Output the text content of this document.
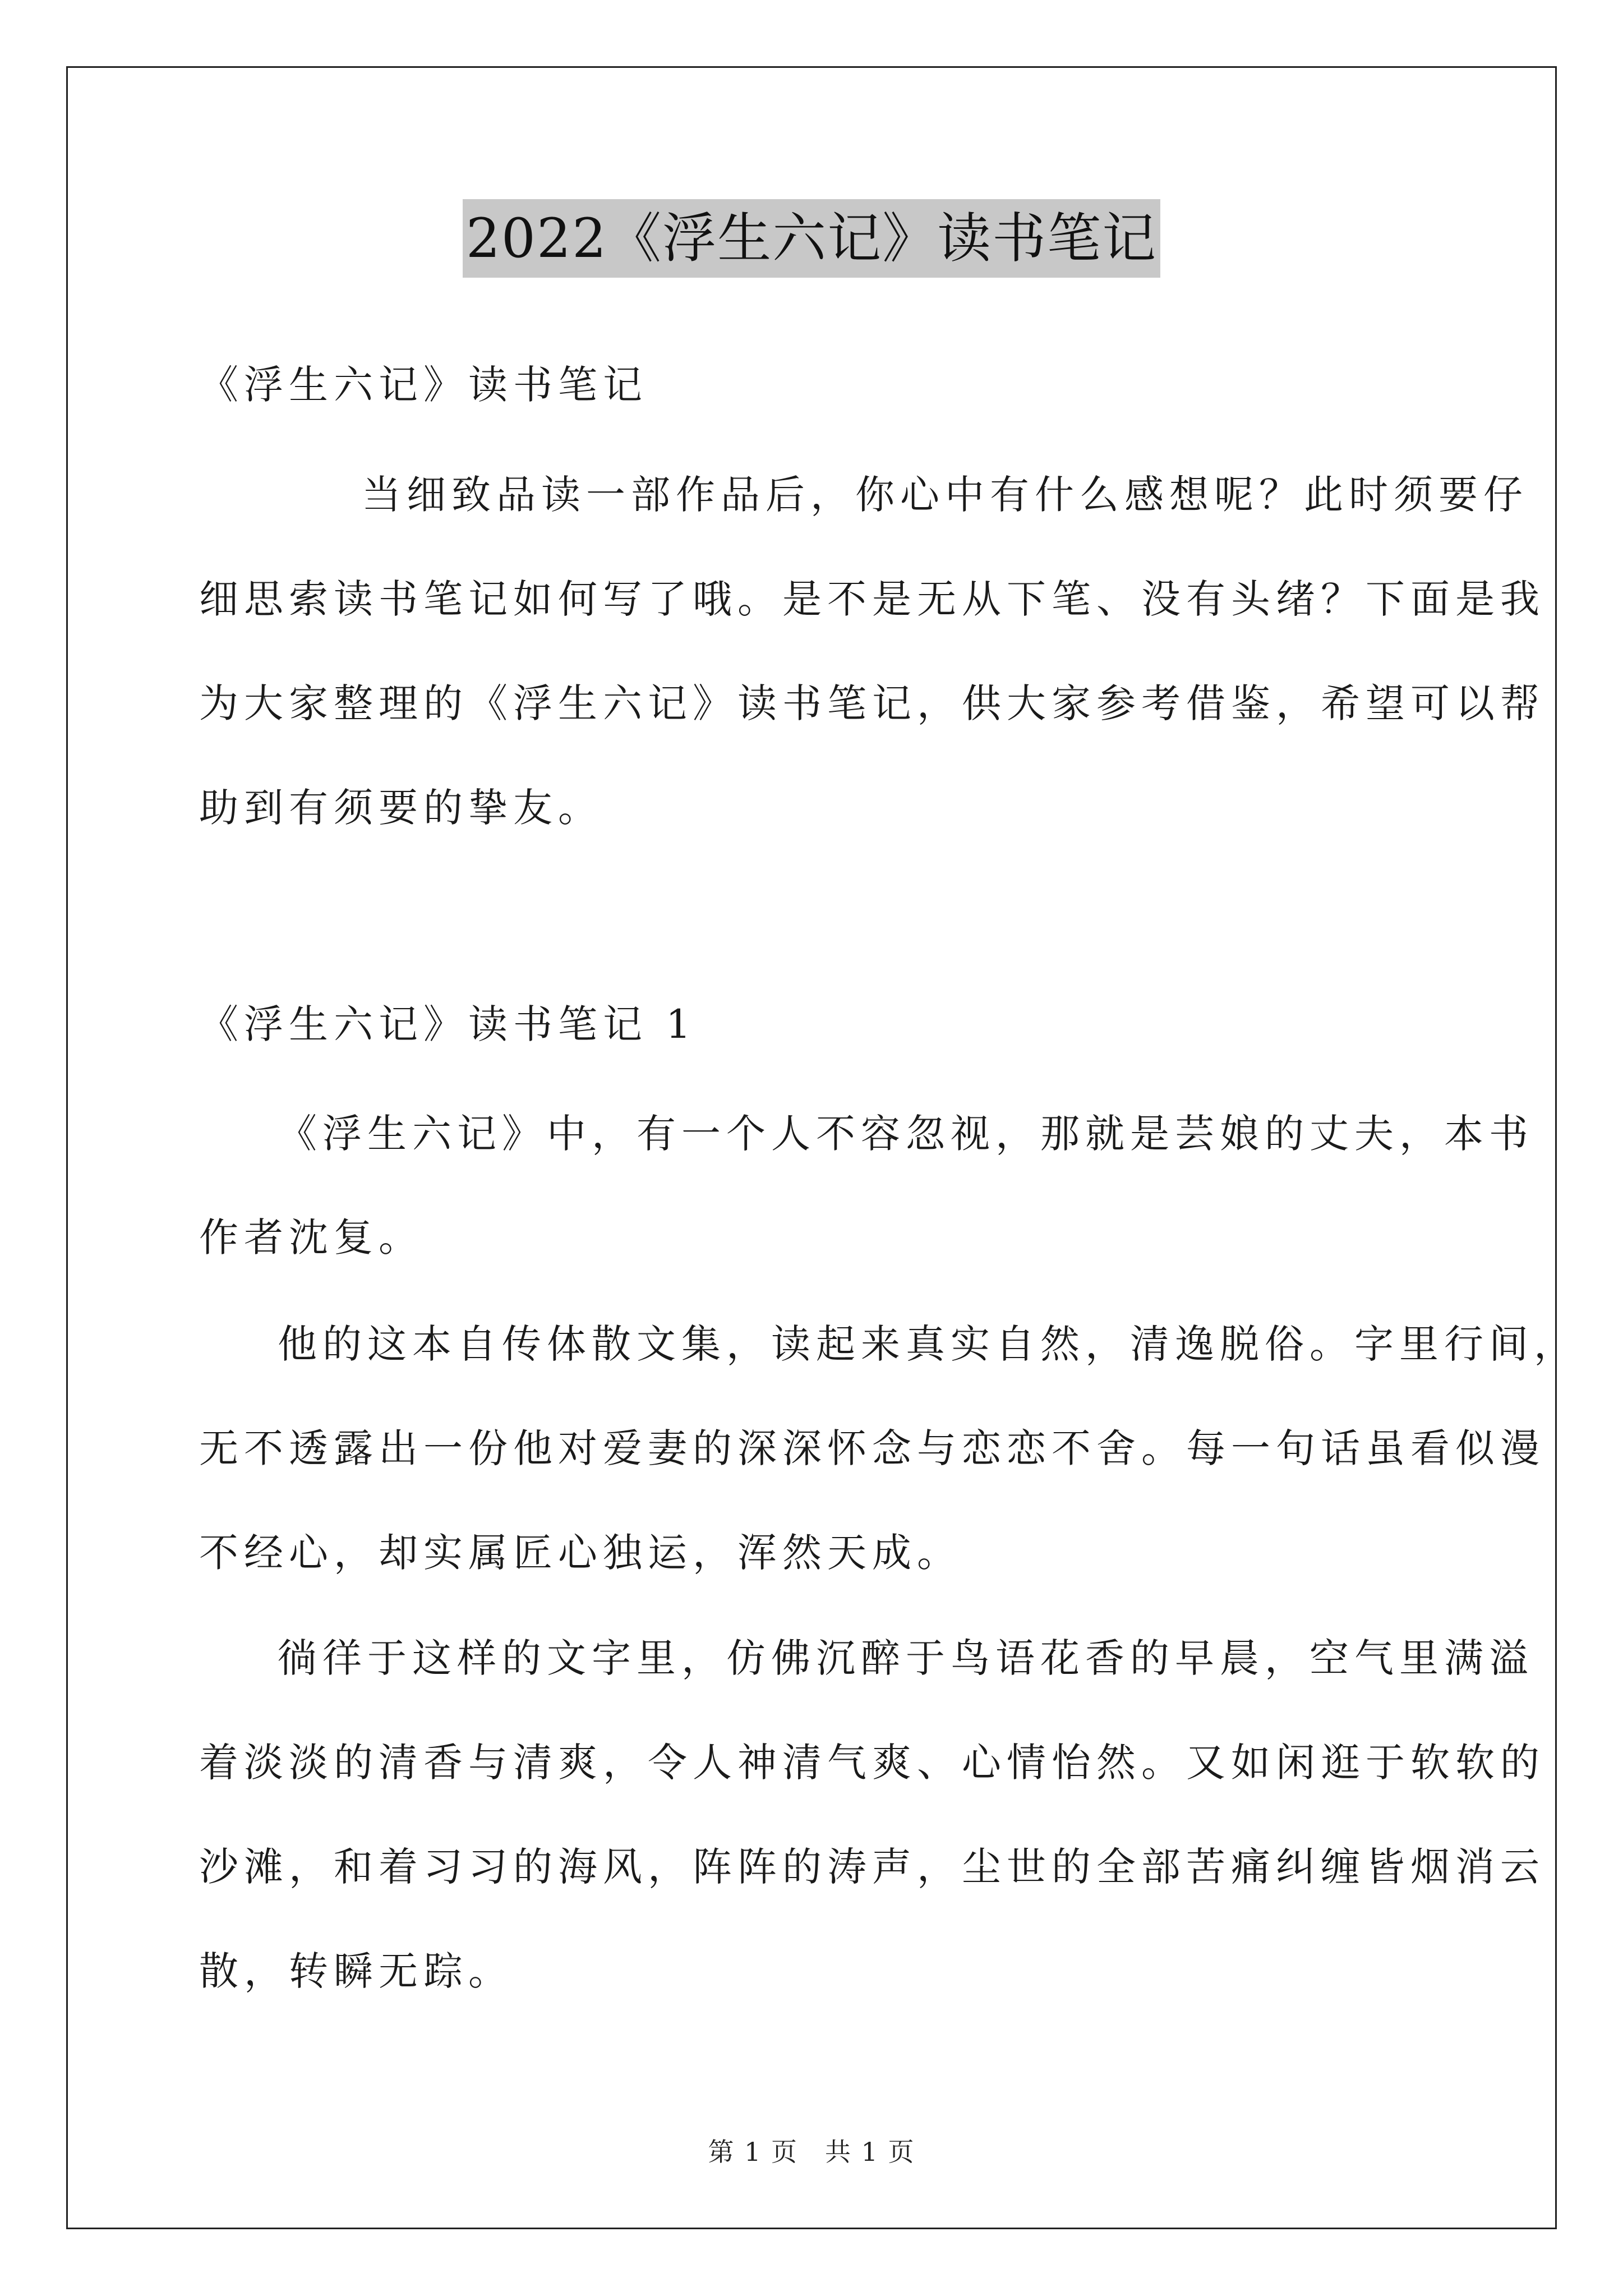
2022《浮生六记》读书笔记
《浮生六记》读书笔记
当细致品读一部作品后，你心中有什么感想呢？此时须要仔
细思索读书笔记如何写了哦。是不是无从下笔、没有头绪？下面是我
为大家整理的《浮生六记》读书笔记，供大家参考借鉴，希望可以帮
助到有须要的挚友。
《浮生六记》读书笔记 1
《浮生六记》中，有一个人不容忽视，那就是芸娘的丈夫，本书
作者沈复。
他的这本自传体散文集，读起来真实自然，清逸脱俗。字里行间，
无不透露出一份他对爱妻的深深怀念与恋恋不舍。每一句话虽看似漫
不经心，却实属匠心独运，浑然天成。
徜徉于这样的文字里，仿佛沉醉于鸟语花香的早晨，空气里满溢
着淡淡的清香与清爽，令人神清气爽、心情怡然。又如闲逛于软软的
沙滩，和着习习的海风，阵阵的涛声，尘世的全部苦痛纠缠皆烟消云
散，转瞬无踪。
第 1 页　共 1 页
